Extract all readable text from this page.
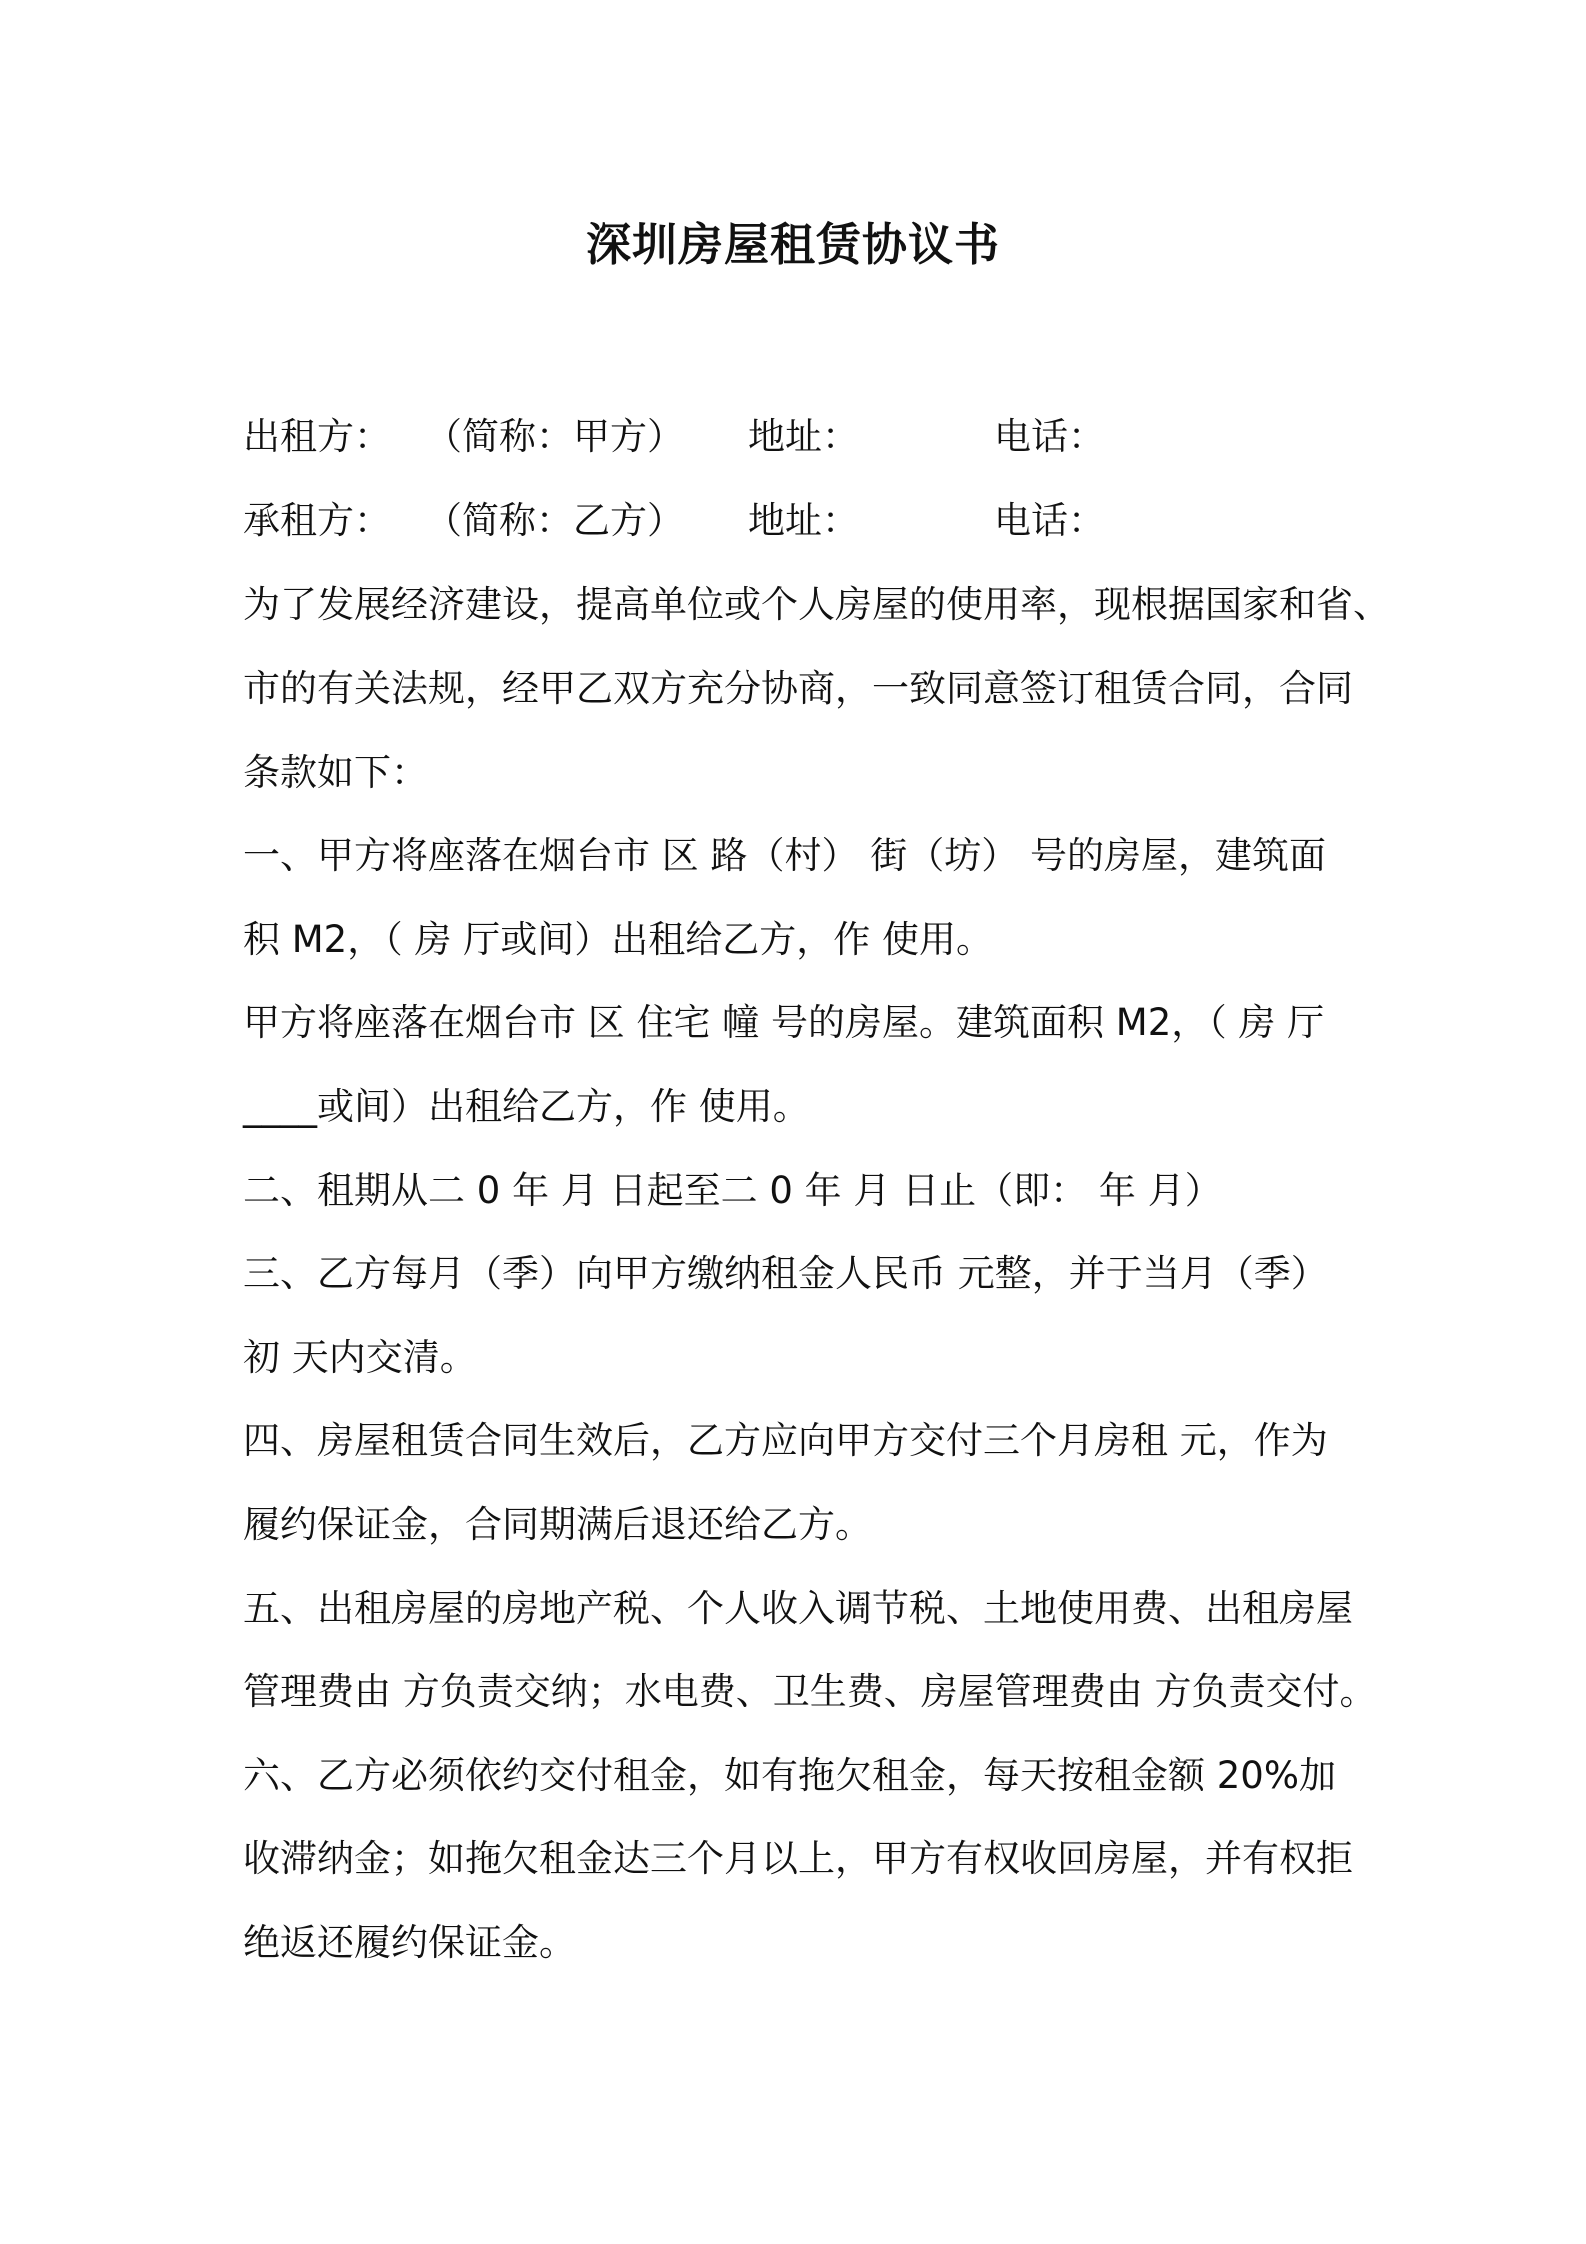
深圳房屋租赁协议书
出租方： （简称：甲方） 地址：	电话：
承租方： （简称：乙方） 地址：	电话：
为了发展经济建设，提高单位或个人房屋的使用率，现根据国家和省、
市的有关法规，经甲乙双方充分协商，一致同意签订租赁合同，合同
条款如下：
一、甲方将座落在烟台市 区 路（村） 街（坊） 号的房屋，建筑面
积 M2，（ 房 厅或间）出租给乙方，作 使用。
甲方将座落在烟台市 区 住宅 幢 号的房屋。建筑面积 M2，（ 房 厅
____或间）出租给乙方，作 使用。
二、租期从二 0 年 月 日起至二 0 年 月 日止（即： 年 月）
三、乙方每月（季）向甲方缴纳租金人民币 元整，并于当月（季）
初 天内交清。
四、房屋租赁合同生效后，乙方应向甲方交付三个月房租 元，作为
履约保证金，合同期满后退还给乙方。
五、出租房屋的房地产税、个人收入调节税、土地使用费、出租房屋
管理费由 方负责交纳；水电费、卫生费、房屋管理费由 方负责交付。
六、乙方必须依约交付租金，如有拖欠租金，每天按租金额 20%加
收滞纳金；如拖欠租金达三个月以上，甲方有权收回房屋，并有权拒
绝返还履约保证金。
